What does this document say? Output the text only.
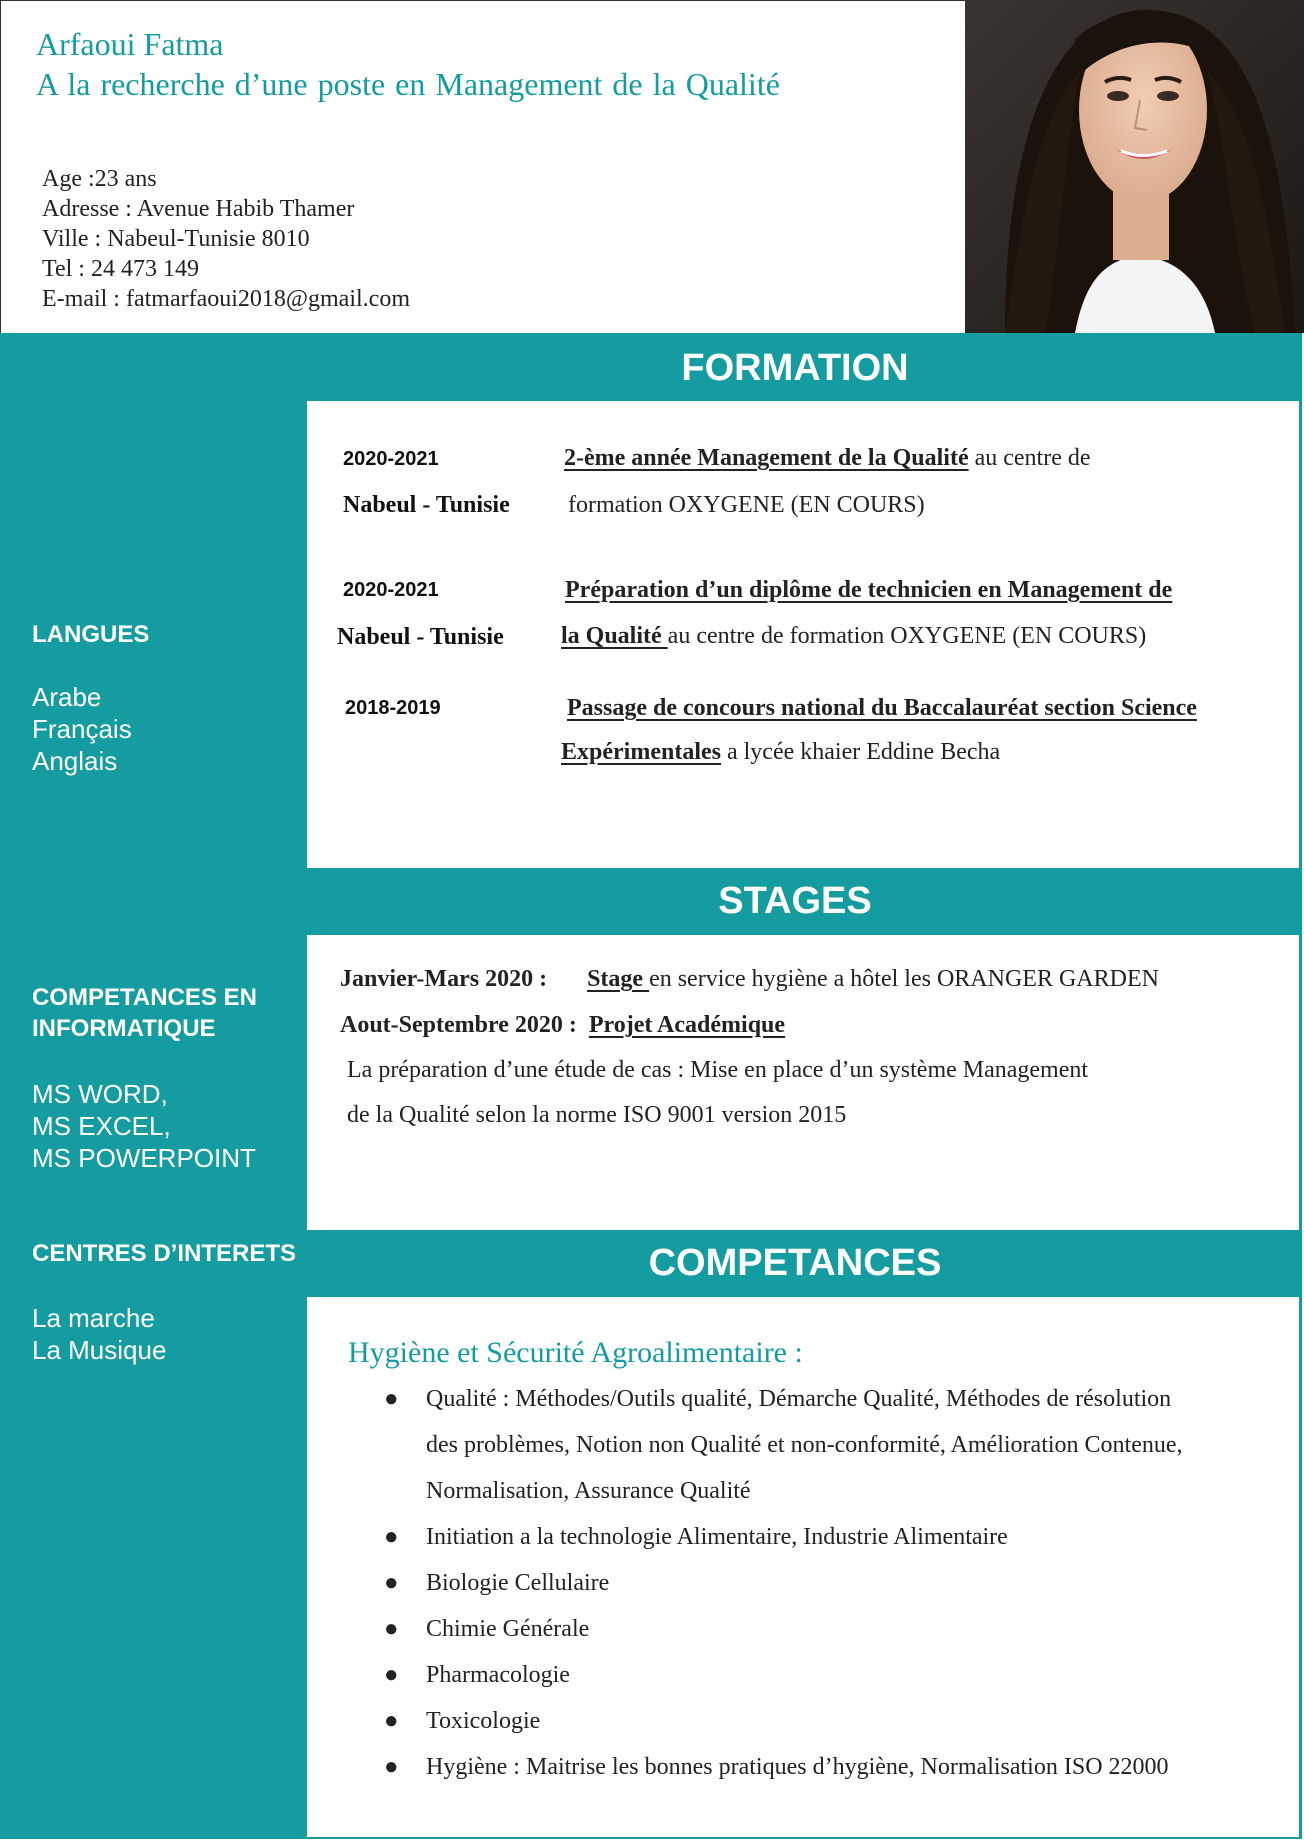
Arfaoui Fatma
A la recherche d’une poste en Management de la Qualité
Age :23 ans
Adresse : Avenue Habib Thamer
Ville : Nabeul-Tunisie 8010
Tel : 24 473 149
E-mail : fatmarfaoui2018@gmail.com
FORMATION
STAGES
COMPETANCES
LANGUES
Arabe
Français
Anglais
COMPETANCES EN
INFORMATIQUE
MS WORD,
MS EXCEL,
MS POWERPOINT
CENTRES D’INTERETS
La marche
La Musique
2020-2021
Nabeul - Tunisie
2-ème année Management de la Qualité au centre de
formation OXYGENE (EN COURS)
2020-2021
Nabeul - Tunisie
Préparation d’un diplôme de technicien en Management de
la Qualité au centre de formation OXYGENE (EN COURS)
2018-2019	Passage de concours national du Baccalauréat section Science
Expérimentales a lycée khaier Eddine Becha
Janvier-Mars 2020 : Stage en service hygiène a hôtel les ORANGER GARDEN
Aout-Septembre 2020 : Projet Académique
La préparation d’une étude de cas : Mise en place d’un système Management
de la Qualité selon la norme ISO 9001 version 2015
Hygiène et Sécurité Agroalimentaire :
● Qualité : Méthodes/Outils qualité, Démarche Qualité, Méthodes de résolution
des problèmes, Notion non Qualité et non-conformité, Amélioration Contenue,
Normalisation, Assurance Qualité
● Initiation a la technologie Alimentaire, Industrie Alimentaire
● Biologie Cellulaire
● Chimie Générale
● Pharmacologie
● Toxicologie
● Hygiène : Maitrise les bonnes pratiques d’hygiène, Normalisation ISO 22000
